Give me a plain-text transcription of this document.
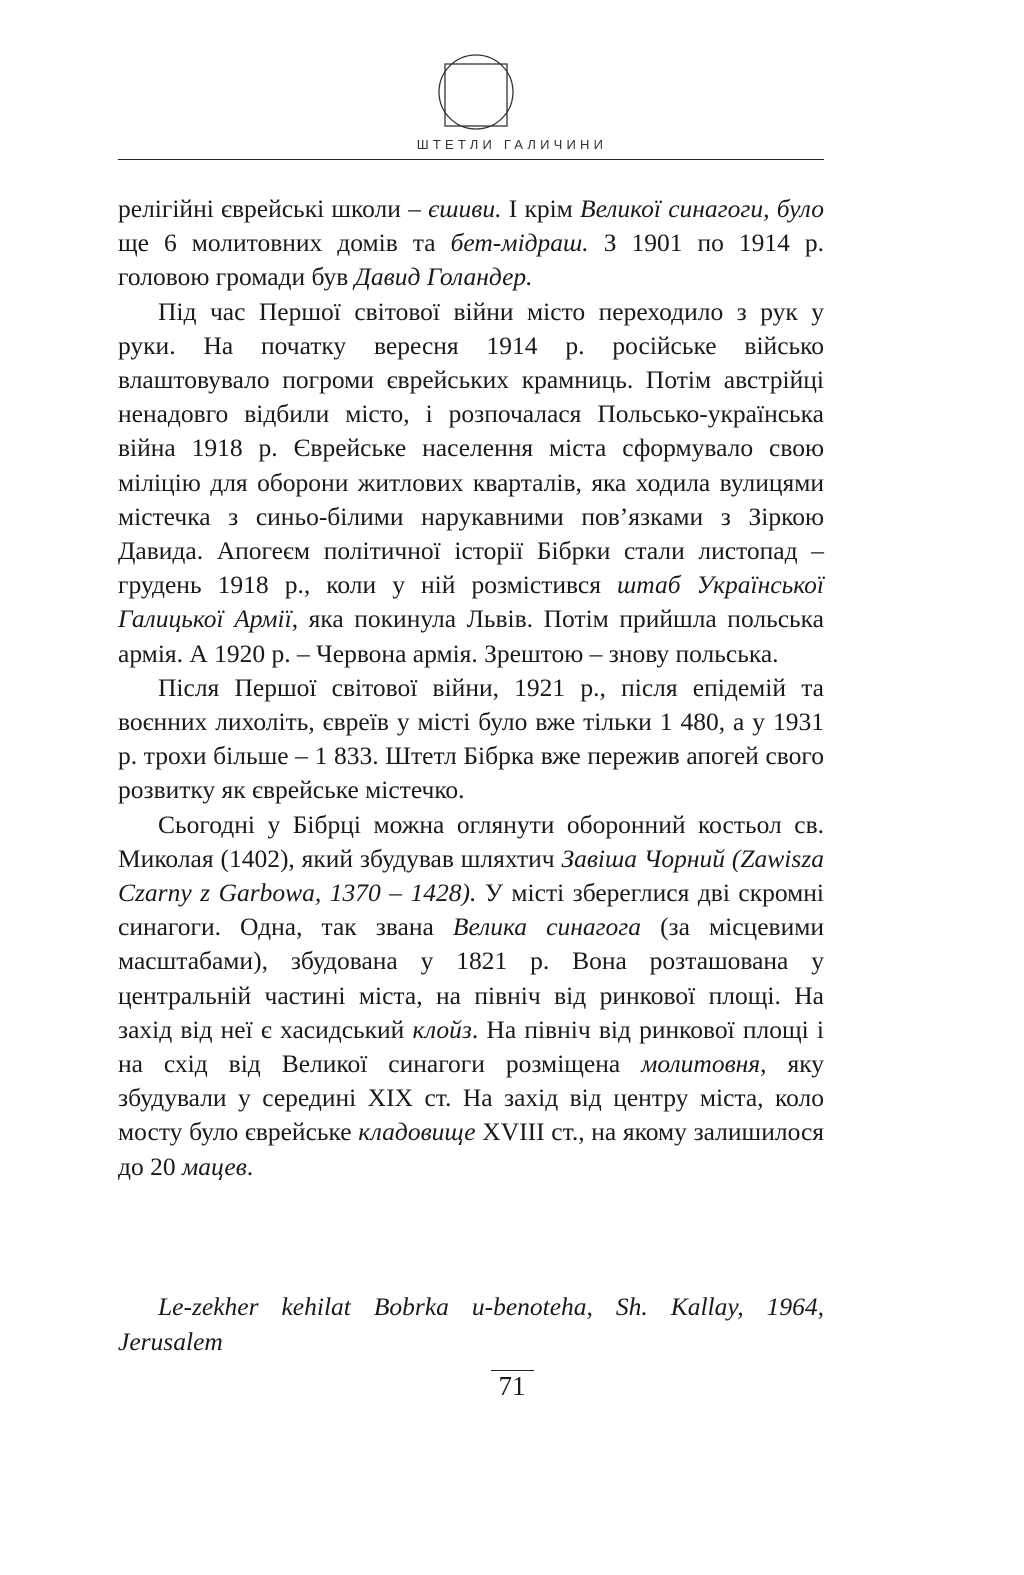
ШТЕТЛИ ГАЛИЧИНИ

релігійні єврейські школи – єшиви. І крім Великої синагоги, було ще 6 молитовних домів та бет-мідраш. З 1901 по 1914 р. головою громади був Давид Голандер.

Під час Першої світової війни місто переходило з рук у руки. На початку вересня 1914 р. російське військо влаштовувало погроми єврейських крамниць. Потім австрійці ненадовго відбили місто, і розпочалася Польсько-українська війна 1918 р. Єврейське населення міста сформувало свою міліцію для оборони житлових кварталів, яка ходила вулицями містечка з синьо-білими нарукавними пов’язками з Зіркою Давида. Апогеєм політичної історії Бібрки стали листопад – грудень 1918 р., коли у ній розмістився штаб Української Галицької Армії, яка покинула Львів. Потім прийшла польська армія. А 1920 р. – Червона армія. Зрештою – знову польська.

Після Першої світової війни, 1921 р., після епідемій та воєнних лихоліть, євреїв у місті було вже тільки 1 480, а у 1931 р. трохи більше – 1 833. Штетл Бібрка вже пережив апогей свого розвитку як єврейське містечко.

Сьогодні у Бібрці можна оглянути оборонний костьол св. Миколая (1402), який збудував шляхтич Завіша Чорний (Zawisza Czarny z Garbowa, 1370 – 1428). У місті збереглися дві скромні синагоги. Одна, так звана Велика синагога (за місцевими масштабами), збудована у 1821 р. Вона розташована у центральній частині міста, на північ від ринкової площі. На захід від неї є хасидський клойз. На північ від ринкової площі і на схід від Великої синагоги розміщена молитовня, яку збудували у середині XIX ст. На захід від центру міста, коло мосту було єврейське кладовище XVIII ст., на якому залишилося до 20 мацев.

Le-zekher kehilat Bobrka u-benoteha, Sh. Kallay, 1964, Jerusalem
71
